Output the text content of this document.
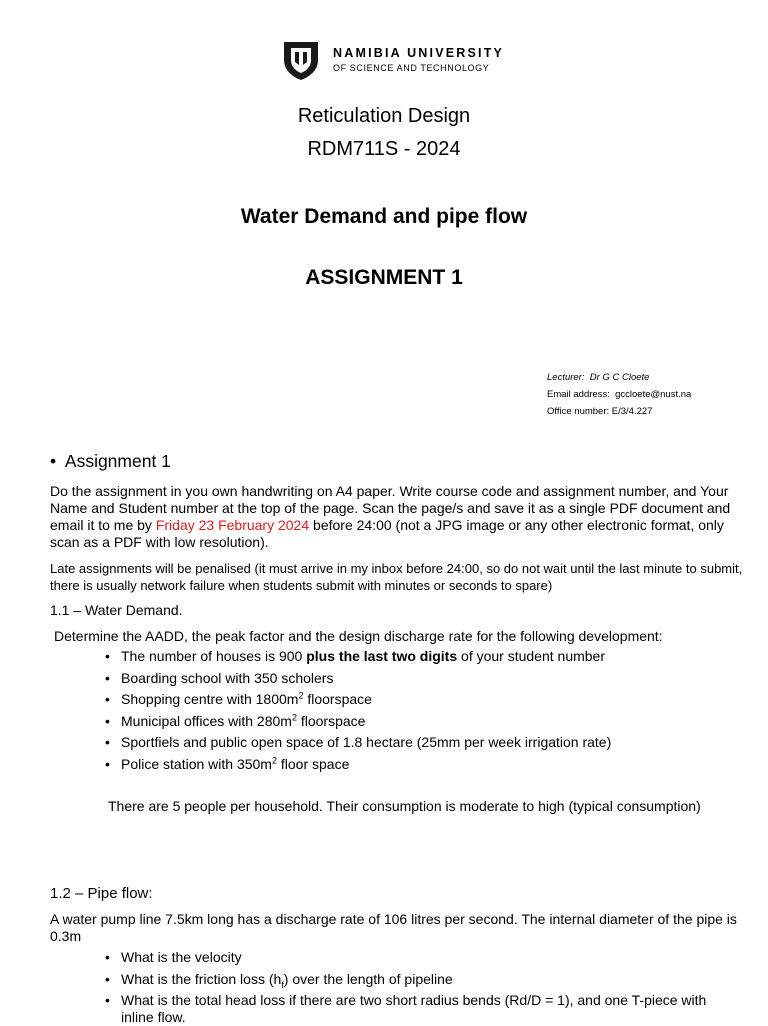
NAMIBIA UNIVERSITY
OF SCIENCE AND TECHNOLOGY
Reticulation Design
RDM711S - 2024
Water Demand and pipe flow
ASSIGNMENT 1
Lecturer: Dr G C Cloete
Email address: gccloete@nust.na
Office number: E/3/4.227
•  Assignment 1
Do the assignment in you own handwriting on A4 paper. Write course code and assignment number, and Your Name and Student number at the top of the page. Scan the page/s and save it as a single PDF document and email it to me by Friday 23 February 2024 before 24:00 (not a JPG image or any other electronic format, only scan as a PDF with low resolution).
Late assignments will be penalised (it must arrive in my inbox before 24:00, so do not wait until the last minute to submit, there is usually network failure when students submit with minutes or seconds to spare)
1.1 – Water Demand.
Determine the AADD, the peak factor and the design discharge rate for the following development:
• The number of houses is 900 plus the last two digits of your student number
• Boarding school with 350 scholers
• Shopping centre with $1800m^2$ floorspace
• Municipal offices with $280m^2$ floorspace
• Sportfiels and public open space of 1.8 hectare (25mm per week irrigation rate)
• Police station with $350m^2$ floor space
There are 5 people per household. Their consumption is moderate to high (typical consumption)
1.2 – Pipe flow:
A water pump line 7.5km long has a discharge rate of 106 litres per second. The internal diameter of the pipe is 0.3m
• What is the velocity
• What is the friction loss $(h_f)$ over the length of pipeline
• What is the total head loss if there are two short radius bends (Rd/D = 1), and one T-piece with inline flow.
